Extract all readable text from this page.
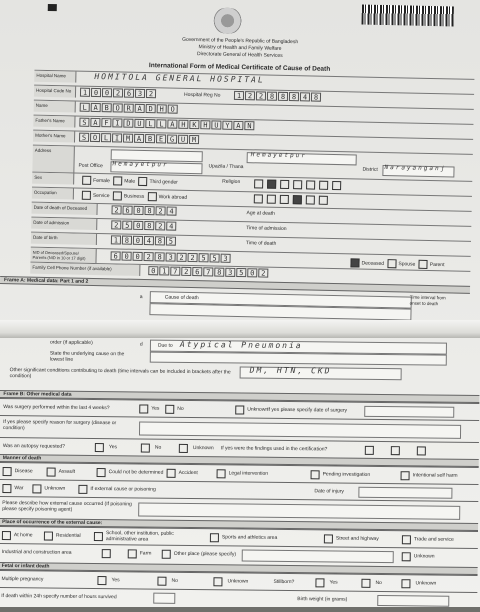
Government of the People's Republic of Bangladesh
Ministry of Health and Family Welfare
Directorate General of Health Services
International Form of Medical Certificate of Cause of Death
Hospital Name	HOMITOLA GENERAL HOSPITAL
Hospital Code No	1 0 0 2 6 3 2	Hospital Reg No	1 2 2 8 8 8 4 8
Name	L A B O R A D H O
Father's Name	S A F I D U L L A H K H U Y A N
Mother's Name	S O L I M A B E G U M
Address
Post Office Hemayetpur	Upazila / Thana
Hemayetpur
District Narayanganj
Sex
Female	Male	Third gender	Religion
Occupation
Service	Business	Work abroad
Date of death of Deceased	2 6 0 8 2 4	Age at death
Date of admission	2 5 0 8 2 4	Time of admission
Date of birth	1 8 0 4 8 5	Time of death
NID of Deceased/Spouse/ Parents (NID in 10 or 17 digit)	6 0 0 2 8 3 2 2 5 5 3
Deceased	Spouse	Parent
Family Cell Phone Number (if available)	0 1 7 2 6 7 8 3 5 0 2
Frame A: Medical data: Part 1 and 2
a	Cause of death	Time interval from onset to death
order (if applicable)	d	Due to Atypical Pneumonia
State the underlying cause on the lowest line
Other significant conditions contributing to death (time intervals can be included in brackets after the condition)
DM, HTN, CKD
Frame B: Other medical data
Was surgery performed within the last 4 weeks?	Yes	No	Unknown If yes please specify date of surgery
If yes please specify reason for surgery (disease or condition)
Was an autopsy requested?	Yes	No	Unknown If yes were the findings used in the certification?
Manner of death
Disease	Assault	Could not be determined	Accident	Legal intervention	Pending investigation	Intentional self harm
War	Unknown	If external cause or poisoning	Date of injury
Please describe how external cause occurred (If poisoning please specify poisoning agent)
Place of occurrence of the external cause:
At home	Residential	School, other institution, public administrative area	Sports and athletics area	Street and highway	Trade and service
Industrial and construction area	Farm	Other place (please specify)	Unknown
Fetal or infant death
Multiple pregnancy	Yes	No	Unknown	Stillborn?	Yes	No	Unknown
If death within 24h specify number of hours survived	Birth weight (in grams)
